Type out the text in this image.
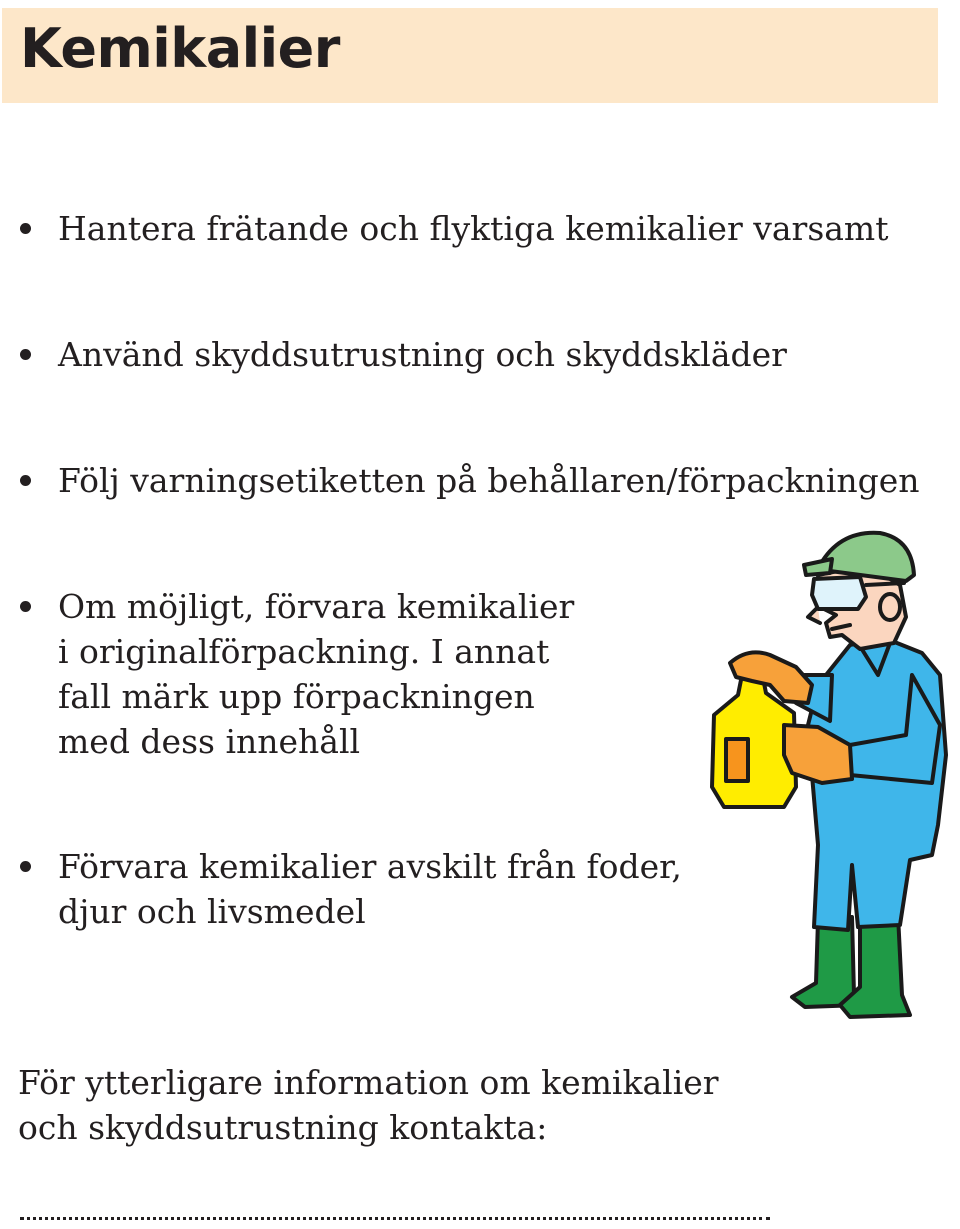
Kemikalier
Hantera frätande och flyktiga kemikalier varsamt
Använd skyddsutrustning och skyddskläder
Följ varningsetiketten på behållaren/förpackningen
Om möjligt, förvara kemikalier
i originalförpackning. I annat
fall märk upp förpackningen
med dess innehåll
Förvara kemikalier avskilt från foder,
djur och livsmedel

För ytterligare information om kemikalier
och skyddsutrustning kontakta:
